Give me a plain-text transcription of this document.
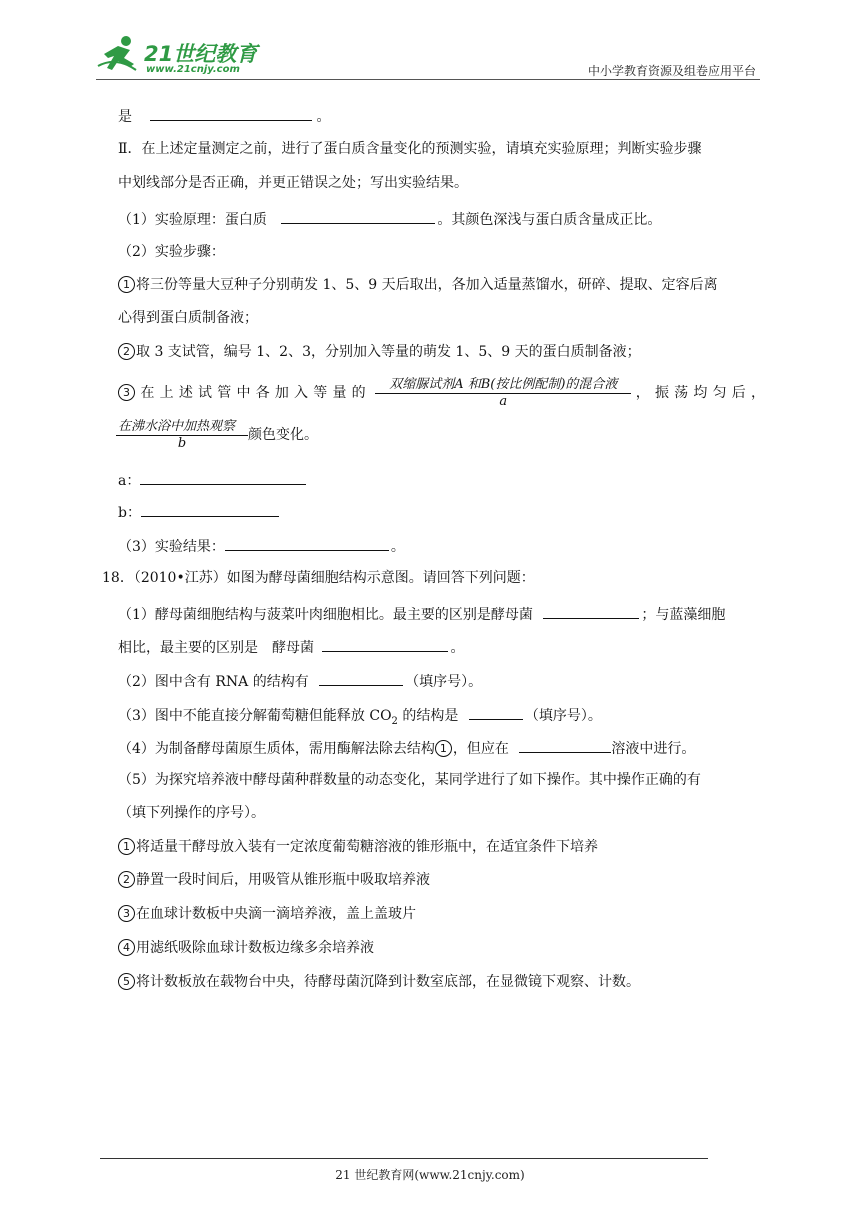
21世纪教育
www.21cnjy.com	中小学教育资源及组卷应用平台
是	。
Ⅱ．在上述定量测定之前，进行了蛋白质含量变化的预测实验，请填充实验原理；判断实验步骤
中划线部分是否正确，并更正错误之处；写出实验结果。
（1）实验原理：蛋白质	。其颜色深浅与蛋白质含量成正比。
（2）实验步骤：
1 将三份等量大豆种子分别萌发 1、5、9 天后取出，各加入适量蒸馏水，研碎、提取、定容后离
心得到蛋白质制备液；
2 取 3 支试管，编号 1、2、3，分别加入等量的萌发 1、5、9 天的蛋白质制备液；
3 在上述试管中各加入等量的 $\frac{\text{双缩脲试剂A 和B(按比例配制)的混合液}}{a}$ ，振荡均匀后，
$\frac{\text{在沸水浴中加热观察}}{b}$ 颜色变化。
a：
b：
（3）实验结果：	。
18．（2010•江苏）如图为酵母菌细胞结构示意图。请回答下列问题：
（1）酵母菌细胞结构与菠菜叶肉细胞相比。最主要的区别是酵母菌	；与蓝藻细胞
相比，最主要的区别是　酵母菌	。
（2）图中含有 RNA 的结构有	（填序号）。
（3）图中不能直接分解葡萄糖但能释放 $CO_2$ 的结构是	（填序号）。
（4）为制备酵母菌原生质体，需用酶解法除去结构 1 ，但应在	溶液中进行。
（5）为探究培养液中酵母菌种群数量的动态变化，某同学进行了如下操作。其中操作正确的有
（填下列操作的序号）。
1 将适量干酵母放入装有一定浓度葡萄糖溶液的锥形瓶中，在适宜条件下培养
2 静置一段时间后，用吸管从锥形瓶中吸取培养液
3 在血球计数板中央滴一滴培养液，盖上盖玻片
4 用滤纸吸除血球计数板边缘多余培养液
5 将计数板放在载物台中央，待酵母菌沉降到计数室底部，在显微镜下观察、计数。
21 世纪教育网(www.21cnjy.com)
